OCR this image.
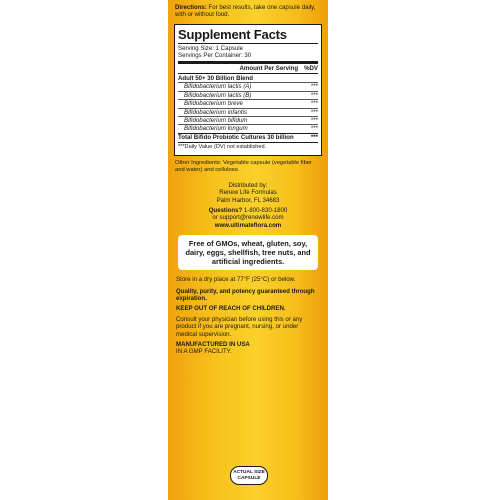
Directions: For best results, take one capsule daily, with or without food.
Supplement Facts
Serving Size: 1 Capsule
Servings Per Container: 30
Amount Per Serving %DV
Adult 50+ 30 Billion Blend
Bifidobacterium lactis (A)	***
Bifidobacterium lactis (B)	***
Bifidobacterium breve	***
Bifidobacterium infantis	***
Bifidobacterium bifidum	***
Bifidobacterium longum	***
Total Bifido Probiotic Cultures 30 billion	***
***Daily Value (DV) not established.
Other Ingredients: Vegetable capsule (vegetable fiber and water) and cellulose.
Distributed by:
Renew Life Formulas
Palm Harbor, FL 34683
Questions? 1-800-830-1800
or support@renewlife.com
www.ultimateflora.com
Free of GMOs, wheat, gluten, soy, dairy, eggs, shellfish, tree nuts, and artificial ingredients.
Store in a dry place at 77°F (25°C) or below.
Quality, purity, and potency guaranteed through expiration.
KEEP OUT OF REACH OF CHILDREN.
Consult your physician before using this or any product if you are pregnant, nursing, or under medical supervision.
MANUFACTURED IN USA
IN A GMP FACILITY.
ACTUAL SIZE
CAPSULE
